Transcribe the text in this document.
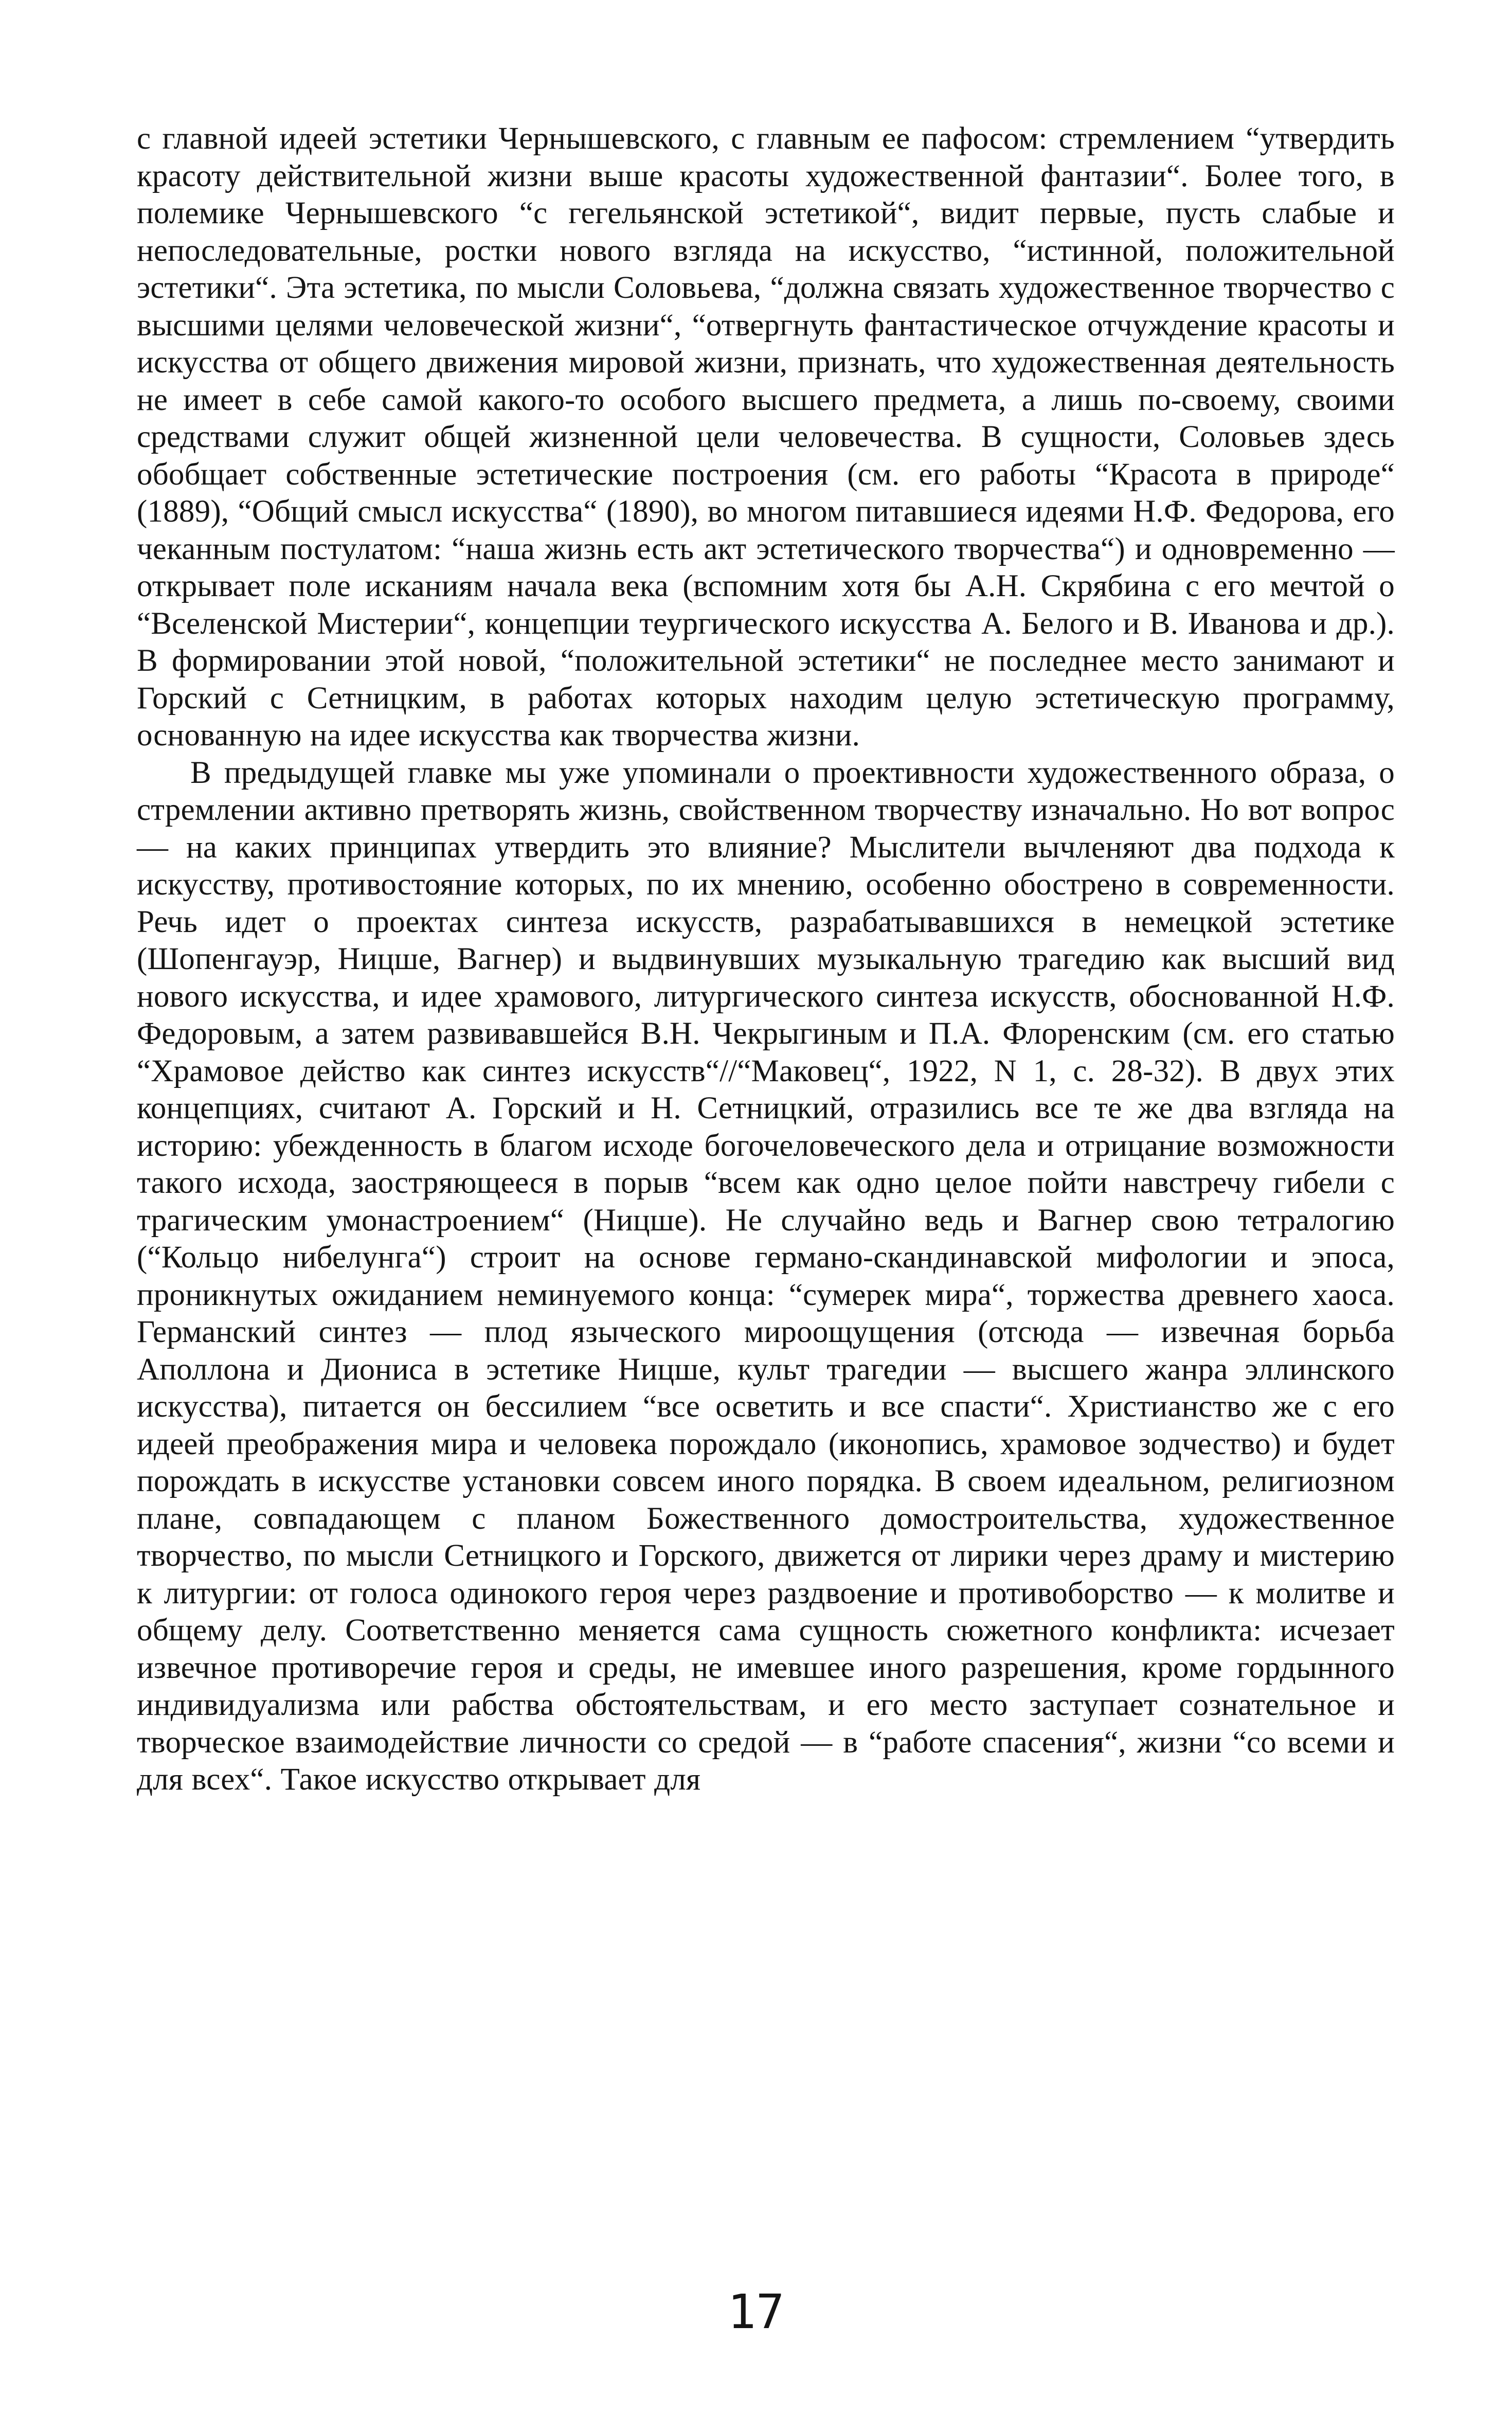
с главной идеей эстетики Чернышевского, с главным ее пафосом: стремлением “утвердить красоту действительной жизни выше красоты художественной фантазии“. Более того, в полемике Чернышевского “с гегельянской эстетикой“, видит первые, пусть слабые и непоследовательные, ростки нового взгляда на искусство, “истинной, положительной эстетики“. Эта эстетика, по мысли Соловьева, “должна связать художественное творчество с высшими целями человеческой жизни“, “отвергнуть фантастическое отчуждение красоты и искусства от общего движения мировой жизни, признать, что художественная деятельность не имеет в себе самой какого-то особого высшего предмета, а лишь по-своему, своими средствами служит общей жизненной цели человечества. В сущности, Соловьев здесь обобщает собственные эстетические построения (см. его работы “Красота в природе“ (1889), “Общий смысл искусства“ (1890), во многом питавшиеся идеями Н.Ф. Федорова, его чеканным постулатом: “наша жизнь есть акт эстетического творчества“) и одновременно — открывает поле исканиям начала века (вспомним хотя бы А.Н. Скрябина с его мечтой о “Вселенской Мистерии“, концепции теургического искусства А. Белого и В. Иванова и др.). В формировании этой новой, “положительной эстетики“ не последнее место занимают и Горский с Сетницким, в работах которых находим целую эстетическую программу, основанную на идее искусства как творчества жизни.

В предыдущей главке мы уже упоминали о проективности художественного образа, о стремлении активно претворять жизнь, свойственном творчеству изначально. Но вот вопрос — на каких принципах утвердить это влияние? Мыслители вычленяют два подхода к искусству, противостояние которых, по их мнению, особенно обострено в современности. Речь идет о проектах синтеза искусств, разрабатывавшихся в немецкой эстетике (Шопенгауэр, Ницше, Вагнер) и выдвинувших музыкальную трагедию как высший вид нового искусства, и идее храмового, литургического синтеза искусств, обоснованной Н.Ф. Федоровым, а затем развивавшейся В.Н. Чекрыгиным и П.А. Флоренским (см. его статью “Храмовое действо как синтез искусств“//“Маковец“, 1922, N 1, с. 28-32). В двух этих концепциях, считают А. Горский и Н. Сетницкий, отразились все те же два взгляда на историю: убежденность в благом исходе богочеловеческого дела и отрицание возможности такого исхода, заостряющееся в порыв “всем как одно целое пойти навстречу гибели с трагическим умонастроением“ (Ницше). Не случайно ведь и Вагнер свою тетралогию (“Кольцо нибелунга“) строит на основе германо-скандинавской мифологии и эпоса, проникнутых ожиданием неминуемого конца: “сумерек мира“, торжества древнего хаоса. Германский синтез — плод языческого мироощущения (отсюда — извечная борьба Аполлона и Диониса в эстетике Ницше, культ трагедии — высшего жанра эллинского искусства), питается он бессилием “все осветить и все спасти“. Христианство же с его идеей преображения мира и человека порождало (иконопись, храмовое зодчество) и будет порождать в искусстве установки совсем иного порядка. В своем идеальном, религиозном плане, совпадающем с планом Божественного домостроительства, художественное творчество, по мысли Сетницкого и Горского, движется от лирики через драму и мистерию к литургии: от голоса одинокого героя через раздвоение и противоборство — к молитве и общему делу. Соответственно меняется сама сущность сюжетного конфликта: исчезает извечное противоречие героя и среды, не имевшее иного разрешения, кроме гордынного индивидуализма или рабства обстоятельствам, и его место заступает сознательное и творческое взаимодействие личности со средой — в “работе спасения“, жизни “со всеми и для всех“. Такое искусство открывает для

17
